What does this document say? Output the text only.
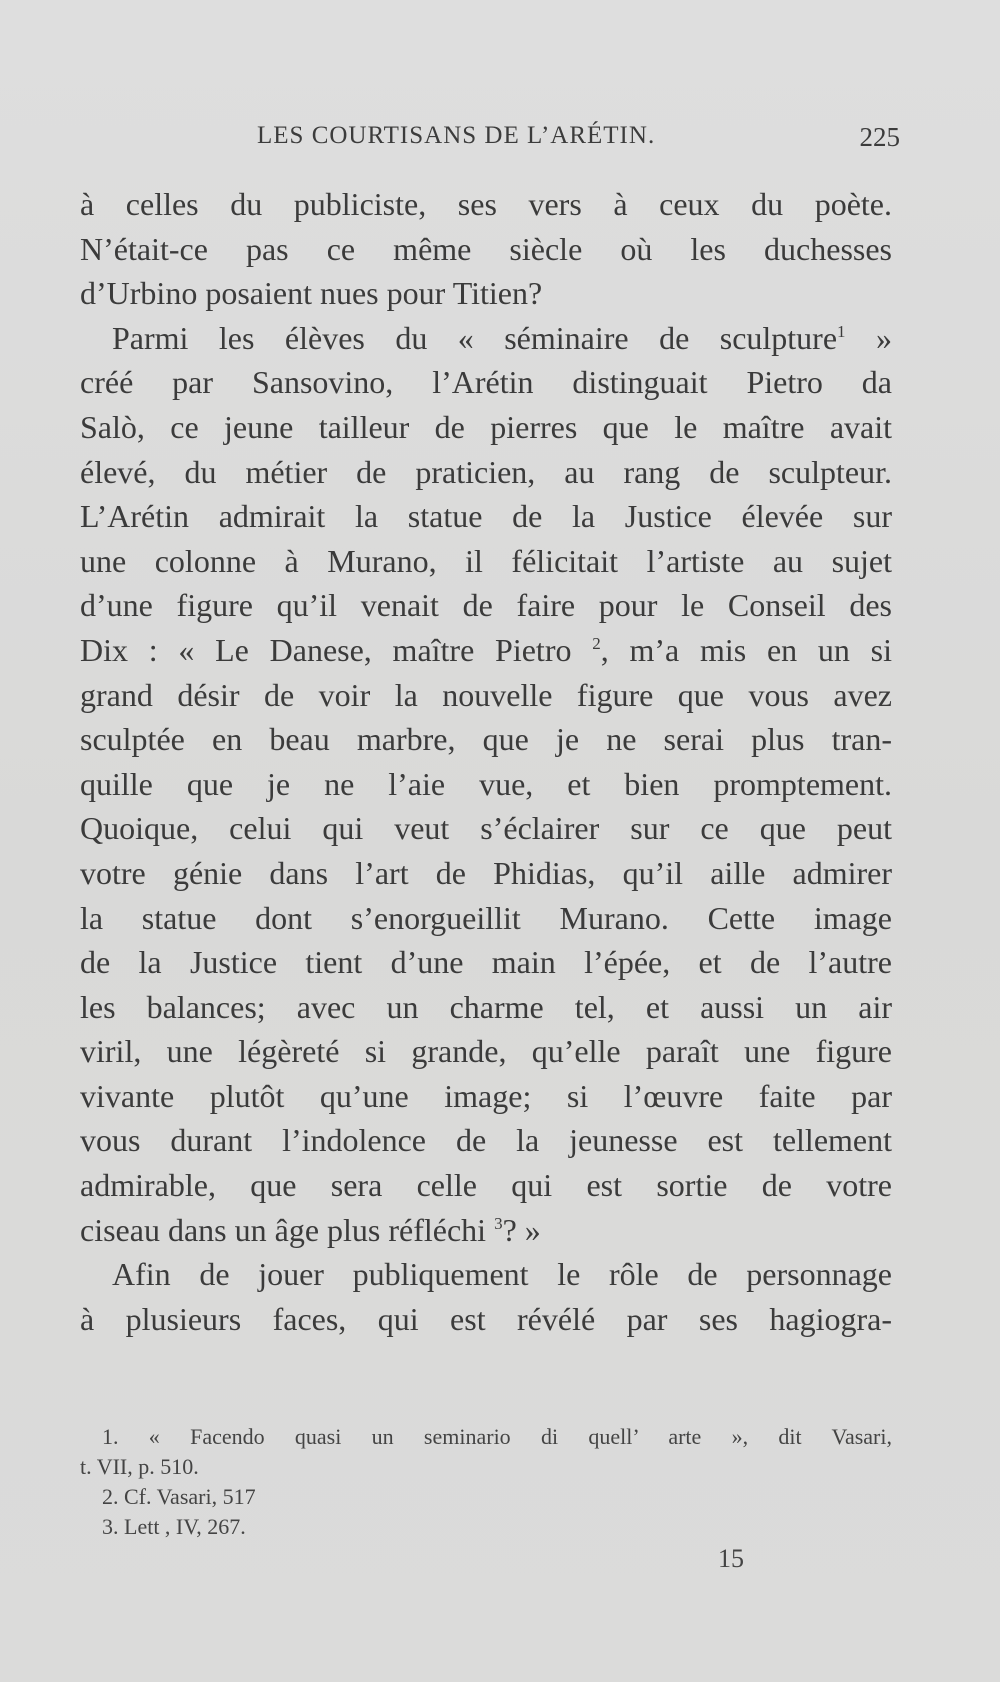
LES COURTISANS DE L’ARÉTIN.	225
à celles du publiciste, ses vers à ceux du poète.
N’était-ce pas ce même siècle où les duchesses
d’Urbino posaient nues pour Titien?
Parmi les élèves du « séminaire de sculpture$^1$ »
créé par Sansovino, l’Arétin distinguait Pietro da
Salò, ce jeune tailleur de pierres que le maître avait
élevé, du métier de praticien, au rang de sculpteur.
L’Arétin admirait la statue de la Justice élevée sur
une colonne à Murano, il félicitait l’artiste au sujet
d’une figure qu’il venait de faire pour le Conseil des
Dix : « Le Danese, maître Pietro $^2$, m’a mis en un si
grand désir de voir la nouvelle figure que vous avez
sculptée en beau marbre, que je ne serai plus tran-
quille que je ne l’aie vue, et bien promptement.
Quoique, celui qui veut s’éclairer sur ce que peut
votre génie dans l’art de Phidias, qu’il aille admirer
la statue dont s’enorgueillit Murano. Cette image
de la Justice tient d’une main l’épée, et de l’autre
les balances; avec un charme tel, et aussi un air
viril, une légèreté si grande, qu’elle paraît une figure
vivante plutôt qu’une image; si l’œuvre faite par
vous durant l’indolence de la jeunesse est tellement
admirable, que sera celle qui est sortie de votre
ciseau dans un âge plus réfléchi $^3$? »
Afin de jouer publiquement le rôle de personnage
à plusieurs faces, qui est révélé par ses hagiogra-
1. « Facendo quasi un seminario di quell’ arte », dit Vasari,
t. VII, p. 510.
2. Cf. Vasari, 517
3. Lett , IV, 267.
15
